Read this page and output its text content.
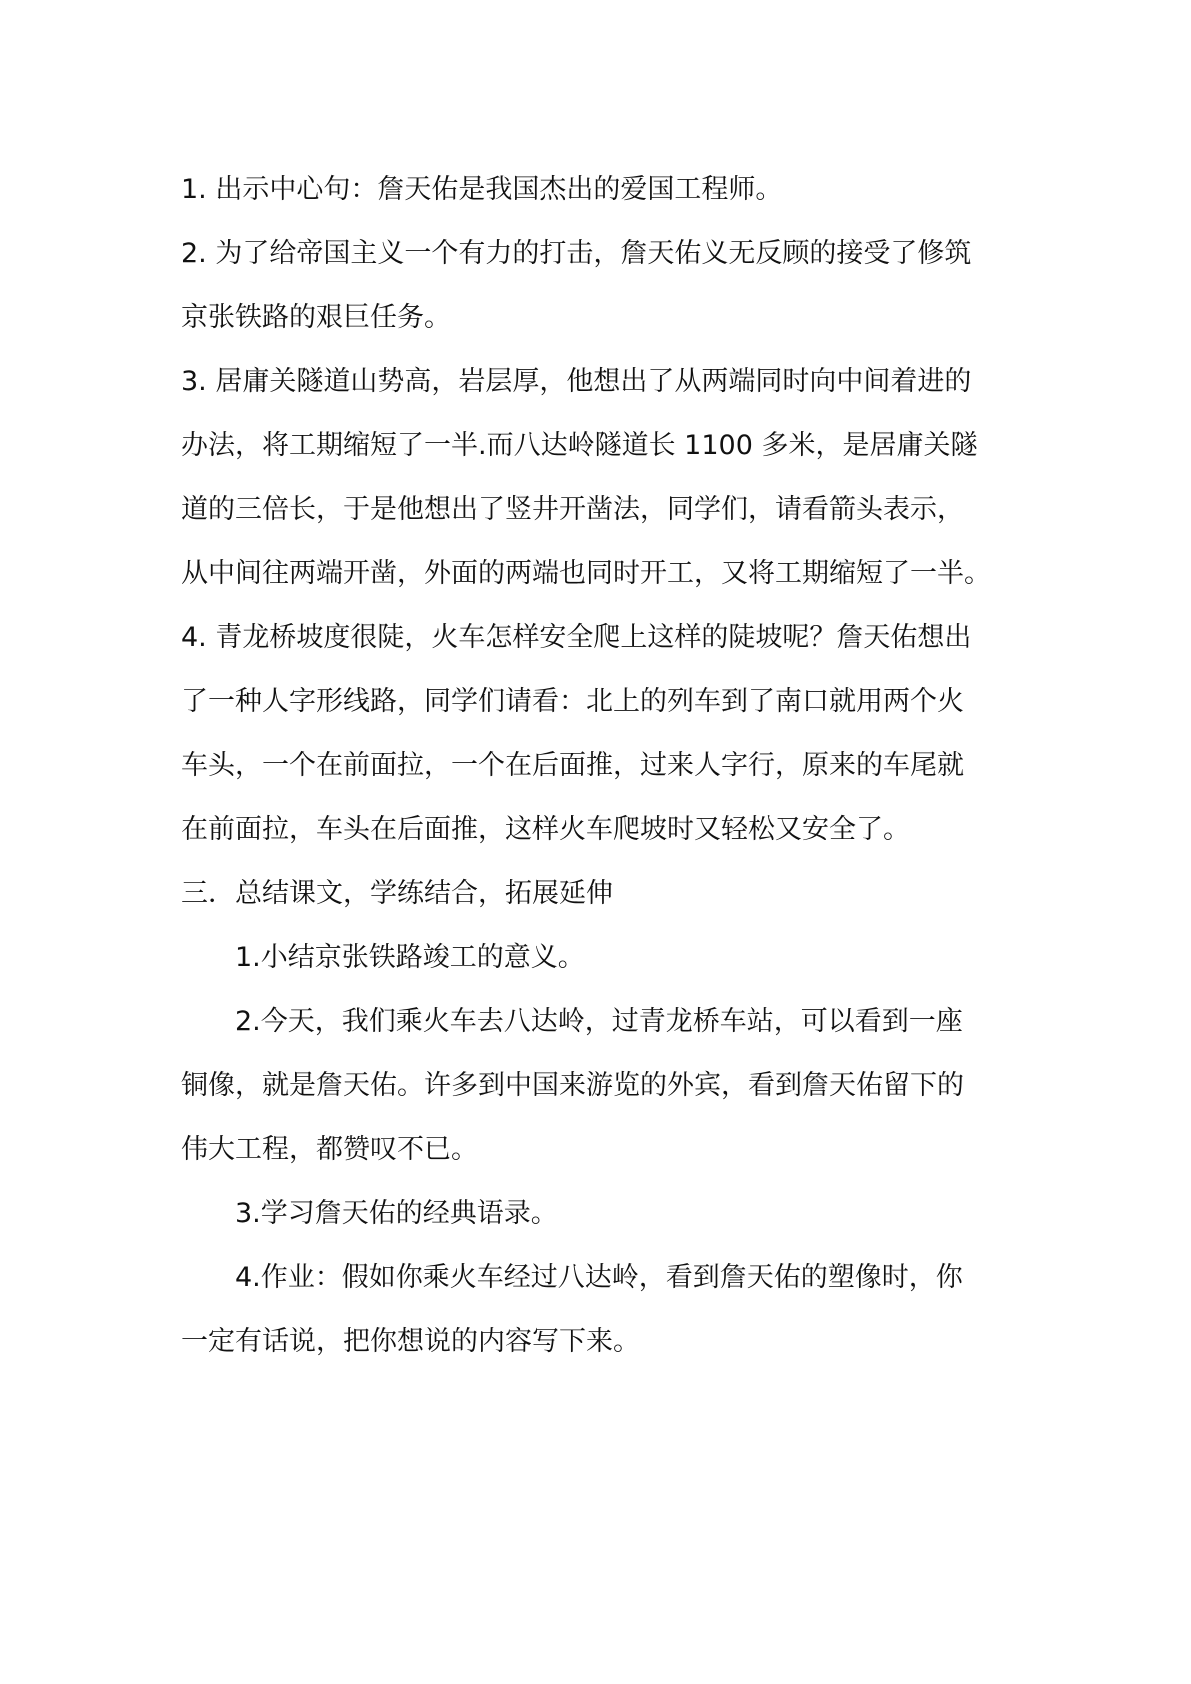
1. 出示中心句：詹天佑是我国杰出的爱国工程师。
2. 为了给帝国主义一个有力的打击，詹天佑义无反顾的接受了修筑
京张铁路的艰巨任务。
3. 居庸关隧道山势高，岩层厚，他想出了从两端同时向中间着进的
办法，将工期缩短了一半.而八达岭隧道长 1100 多米，是居庸关隧
道的三倍长，于是他想出了竖井开凿法，同学们，请看箭头表示，
从中间往两端开凿，外面的两端也同时开工，又将工期缩短了一半。
4. 青龙桥坡度很陡，火车怎样安全爬上这样的陡坡呢？詹天佑想出
了一种人字形线路，同学们请看：北上的列车到了南口就用两个火
车头，一个在前面拉，一个在后面推，过来人字行，原来的车尾就
在前面拉，车头在后面推，这样火车爬坡时又轻松又安全了。
三．总结课文，学练结合，拓展延伸
1.小结京张铁路竣工的意义。
2.今天，我们乘火车去八达岭，过青龙桥车站，可以看到一座
铜像，就是詹天佑。许多到中国来游览的外宾，看到詹天佑留下的
伟大工程，都赞叹不已。
3.学习詹天佑的经典语录。
4.作业：假如你乘火车经过八达岭，看到詹天佑的塑像时，你
一定有话说，把你想说的内容写下来。
